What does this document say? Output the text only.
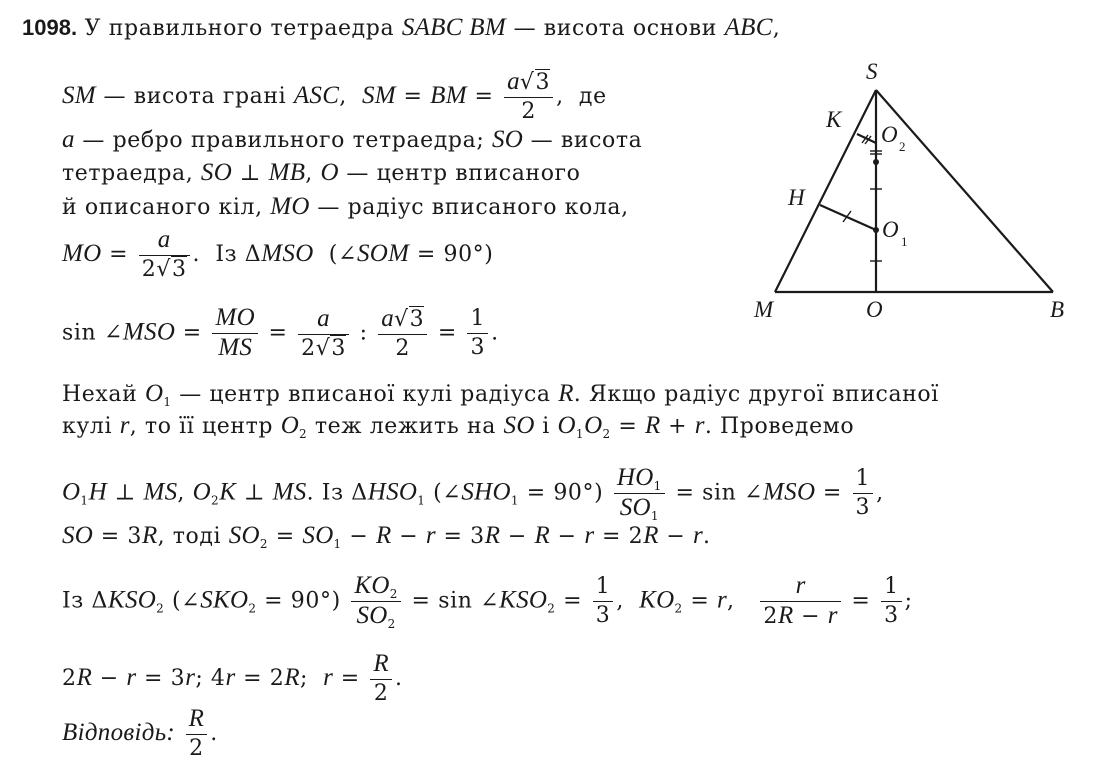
1098. У правильного тетраедра SABC BM — висота основи ABC,
SM — висота грані ASC,  SM = BM = $\frac{a√3}{2}$ ,  де
a — ребро правильного тетраедра; SO — висота
тетраедра, SO ⊥ MB, O — центр вписаного
й описаного кіл, MO — радіус вписаного кола,
MO = $\frac{a}{2√3}$ .  Із ΔMSO  (∠SOM = 90°)
sin ∠MSO = $\frac{MO}{MS} = \frac{a}{2√3}$ : $\frac{a√3}{2} = \frac{1}{3}$ .
Нехай $O_1$ — центр вписаної кулі радіуса R. Якщо радіус другої вписаної
кулі r, то її центр $O_2$ теж лежить на SO і $O_1O_2 = R + r$. Проведемо
$O_1H$ ⊥ MS, $O_2K$ ⊥ MS. Із $\Delta HSO_1$ $(\angle SHO_1 = 90^\circ) \frac{HO_1}{SO_1} = \sin$ ∠MSO = $\frac{1}{3}$ ,
SO = 3R, тоді $SO_2 = SO_1 - R - r = 3R - R - r = 2R - r$.
Із $\Delta KSO_2$ $(\angle SKO_2 = 90^\circ) \frac{KO_2}{SO_2} = \sin$ $\angle KSO_2 = \frac{1}{3}$ ,  $KO_2 = r$, $\frac{r}{2R - r} = \frac{1}{3}$ ;
2R − r = 3r; 4r = 2R;  $r = \frac{R}{2}$ .
Відповідь: $\frac{R}{2}$ .
S
K
O 2
H
O 1
M	O	B
